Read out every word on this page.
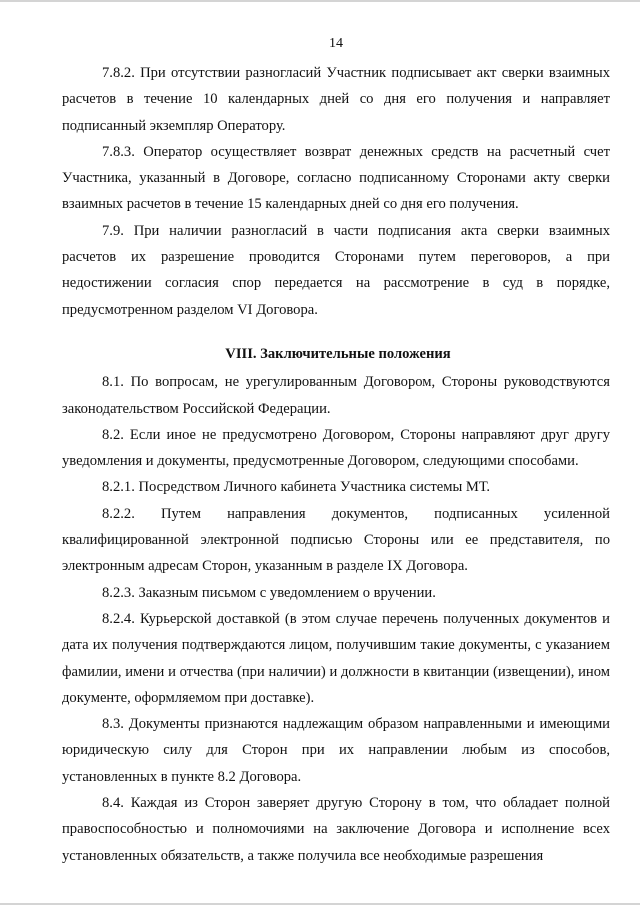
14

7.8.2. При отсутствии разногласий Участник подписывает акт сверки взаимных расчетов в течение 10 календарных дней со дня его получения и направляет подписанный экземпляр Оператору.

7.8.3. Оператор осуществляет возврат денежных средств на расчетный счет Участника, указанный в Договоре, согласно подписанному Сторонами акту сверки взаимных расчетов в течение 15 календарных дней со дня его получения.

7.9. При наличии разногласий в части подписания акта сверки взаимных расчетов их разрешение проводится Сторонами путем переговоров, а при недостижении согласия спор передается на рассмотрение в суд в порядке, предусмотренном разделом VI Договора.

VIII. Заключительные положения

8.1. По вопросам, не урегулированным Договором, Стороны руководствуются законодательством Российской Федерации.

8.2. Если иное не предусмотрено Договором, Стороны направляют друг другу уведомления и документы, предусмотренные Договором, следующими способами.

8.2.1. Посредством Личного кабинета Участника системы МТ.

8.2.2. Путем направления документов, подписанных усиленной квалифицированной электронной подписью Стороны или ее представителя, по электронным адресам Сторон, указанным в разделе IX Договора.

8.2.3. Заказным письмом с уведомлением о вручении.

8.2.4. Курьерской доставкой (в этом случае перечень полученных документов и дата их получения подтверждаются лицом, получившим такие документы, с указанием фамилии, имени и отчества (при наличии) и должности в квитанции (извещении), ином документе, оформляемом при доставке).

8.3. Документы признаются надлежащим образом направленными и имеющими юридическую силу для Сторон при их направлении любым из способов, установленных в пункте 8.2 Договора.

8.4. Каждая из Сторон заверяет другую Сторону в том, что обладает полной правоспособностью и полномочиями на заключение Договора и исполнение всех установленных обязательств, а также получила все необходимые разрешения
